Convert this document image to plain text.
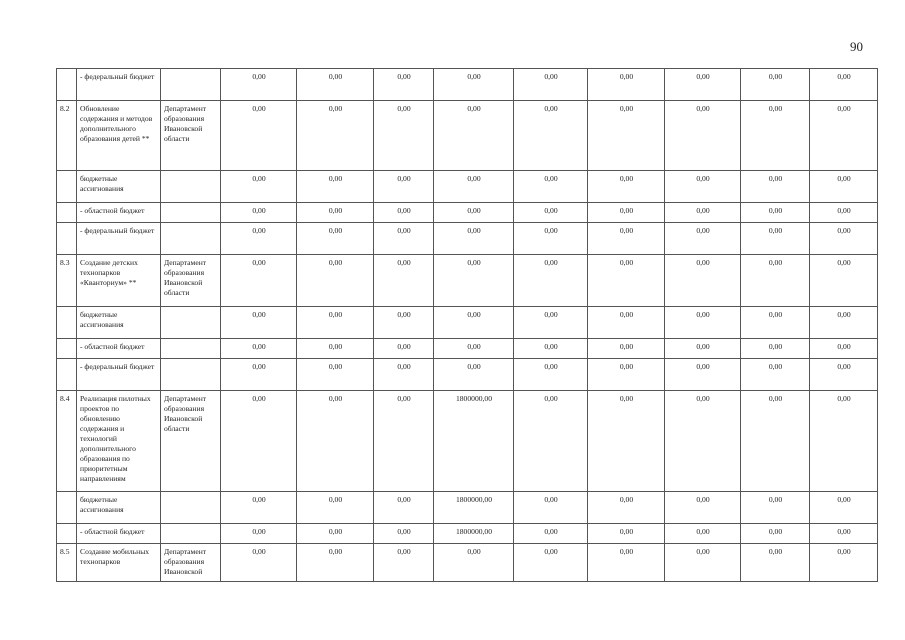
90
	- федеральный бюджет		0,00	0,00	0,00	0,00	0,00	0,00	0,00	0,00	0,00
8.2	Обновление содержания и методов дополнительного образования детей **	Департамент образования Ивановской области	0,00	0,00	0,00	0,00	0,00	0,00	0,00	0,00	0,00
	бюджетные ассигнования		0,00	0,00	0,00	0,00	0,00	0,00	0,00	0,00	0,00
	- областной бюджет		0,00	0,00	0,00	0,00	0,00	0,00	0,00	0,00	0,00
	- федеральный бюджет		0,00	0,00	0,00	0,00	0,00	0,00	0,00	0,00	0,00
8.3	Создание детских технопарков «Кванториум» **	Департамент образования Ивановской области	0,00	0,00	0,00	0,00	0,00	0,00	0,00	0,00	0,00
	бюджетные ассигнования		0,00	0,00	0,00	0,00	0,00	0,00	0,00	0,00	0,00
	- областной бюджет		0,00	0,00	0,00	0,00	0,00	0,00	0,00	0,00	0,00
	- федеральный бюджет		0,00	0,00	0,00	0,00	0,00	0,00	0,00	0,00	0,00
8.4	Реализация пилотных проектов по обновлению содержания и технологий дополнительного образования по приоритетным направлениям	Департамент образования Ивановской области	0,00	0,00	0,00	1800000,00	0,00	0,00	0,00	0,00	0,00
	бюджетные ассигнования		0,00	0,00	0,00	1800000,00	0,00	0,00	0,00	0,00	0,00
	- областной бюджет		0,00	0,00	0,00	1800000,00	0,00	0,00	0,00	0,00	0,00
8.5	Создание мобильных технопарков	Департамент образования Ивановской	0,00	0,00	0,00	0,00	0,00	0,00	0,00	0,00	0,00
